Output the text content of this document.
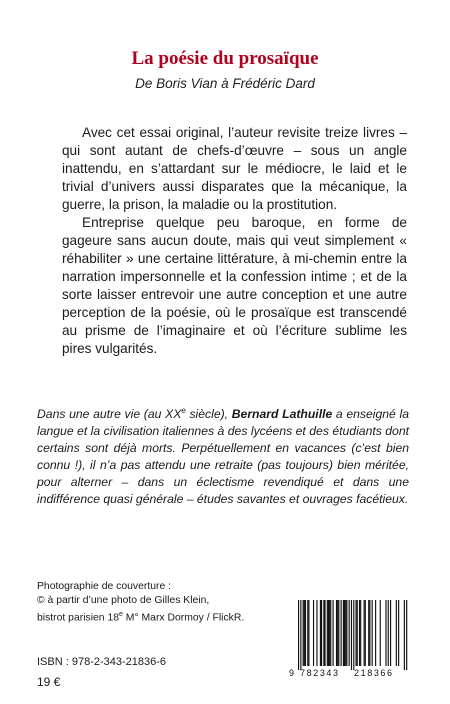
La poésie du prosaïque
De Boris Vian à Frédéric Dard

Avec cet essai original, l’auteur revisite treize livres – qui sont autant de chefs-d’œuvre – sous un angle inattendu, en s’attardant sur le médiocre, le laid et le trivial d’univers aussi disparates que la mécanique, la guerre, la prison, la maladie ou la prostitution.

Entreprise quelque peu baroque, en forme de gageure sans aucun doute, mais qui veut simplement « réhabiliter » une certaine littérature, à mi-chemin entre la narration impersonnelle et la confession intime ; et de la sorte laisser entrevoir une autre conception et une autre perception de la poésie, où le prosaïque est transcendé au prisme de l’imaginaire et où l’écriture sublime les pires vulgarités.

Dans une autre vie (au XXe siècle), Bernard Lathuille a enseigné la langue et la civilisation italiennes à des lycéens et des étudiants dont certains sont déjà morts. Perpétuellement en vacances (c’est bien connu !), il n’a pas attendu une retraite (pas toujours) bien méritée, pour alterner – dans un éclectisme revendiqué et dans une indifférence quasi générale – études savantes et ouvrages facétieux.
Photographie de couverture :
© à partir d’une photo de Gilles Klein,
bistrot parisien 18e M° Marx Dormoy / FlickR.
9 782343 218366
ISBN : 978-2-343-21836-6
19 €
